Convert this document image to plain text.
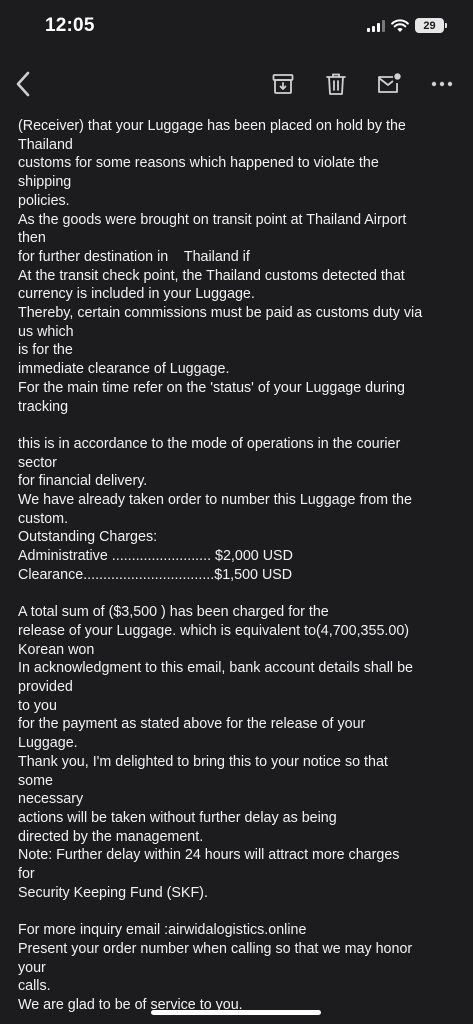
12:05	29

(Receiver) that your Luggage has been placed on hold by the

Thailand

customs for some reasons which happened to violate the

shipping

policies.

As the goods were brought on transit point at Thailand Airport

then

for further destination in    Thailand if

At the transit check point, the Thailand customs detected that

currency is included in your Luggage.

Thereby, certain commissions must be paid as customs duty via

us which

is for the

immediate clearance of Luggage.

For the main time refer on the 'status' of your Luggage during

tracking

this is in accordance to the mode of operations in the courier

sector

for financial delivery.

We have already taken order to number this Luggage from the

custom.

Outstanding Charges:

Administrative ......................... $2,000 USD

Clearance.................................$1,500 USD

A total sum of ($3,500 ) has been charged for the

release of your Luggage. which is equivalent to(4,700,355.00)

Korean won

In acknowledgment to this email, bank account details shall be

provided

to you

for the payment as stated above for the release of your

Luggage.

Thank you, I'm delighted to bring this to your notice so that

some

necessary

actions will be taken without further delay as being

directed by the management.

Note: Further delay within 24 hours will attract more charges

for

Security Keeping Fund (SKF).

For more inquiry email :airwidalogistics.online

Present your order number when calling so that we may honor

your

calls.

We are glad to be of service to you.
